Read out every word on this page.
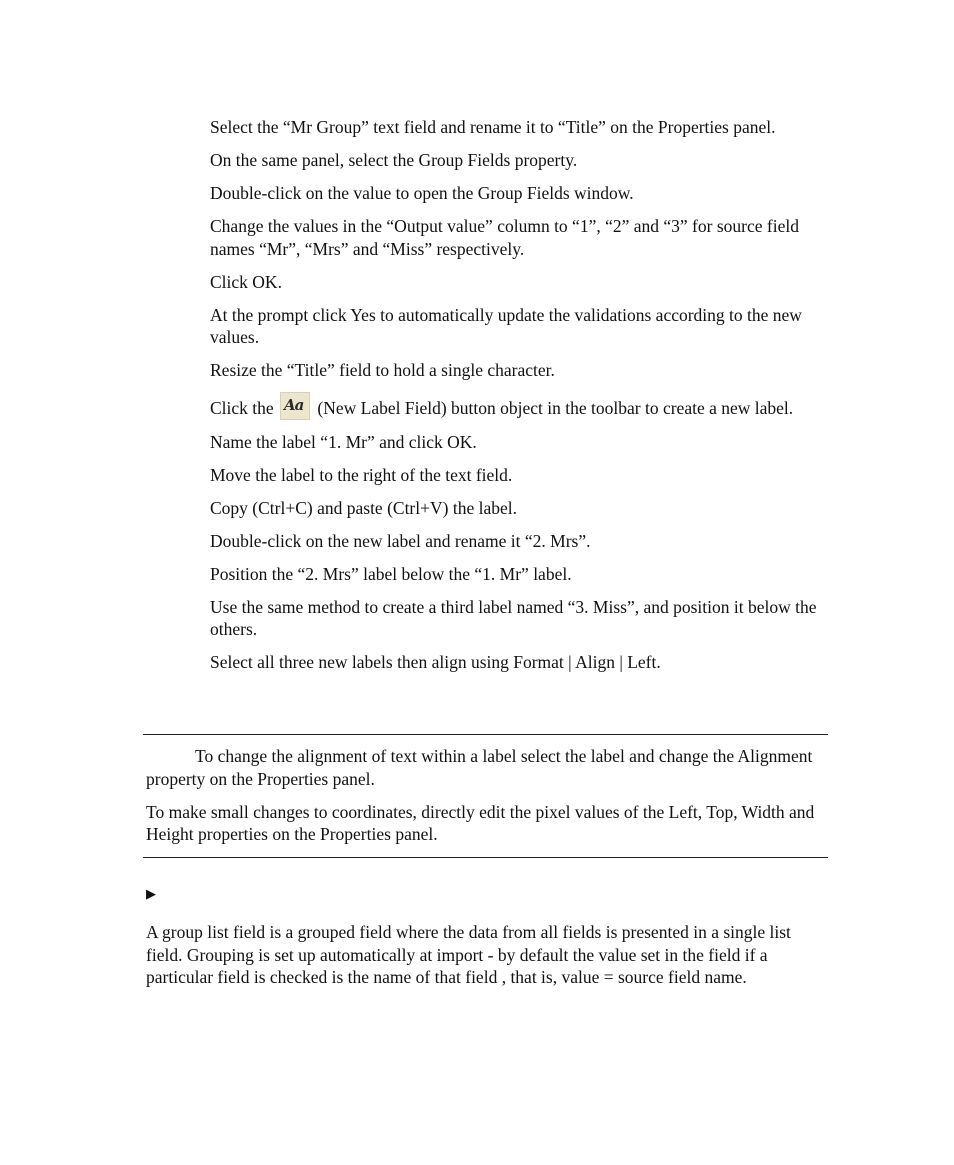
Select the “Mr Group” text field and rename it to “Title” on the Properties panel.

On the same panel, select the Group Fields property.

Double-click on the value to open the Group Fields window.

Change the values in the “Output value” column to “1”, “2” and “3” for source field names “Mr”, “Mrs” and “Miss” respectively.

Click OK.

At the prompt click Yes to automatically update the validations according to the new values.

Resize the “Title” field to hold a single character.

Click the Aa (New Label Field) button object in the toolbar to create a new label.

Name the label “1. Mr” and click OK.

Move the label to the right of the text field.

Copy (Ctrl+C) and paste (Ctrl+V) the label.

Double-click on the new label and rename it “2. Mrs”.

Position the “2. Mrs” label below the “1. Mr” label.

Use the same method to create a third label named “3. Miss”, and position it below the others.

Select all three new labels then align using Format | Align | Left.

To change the alignment of text within a label select the label and change the Alignment property on the Properties panel.

To make small changes to coordinates, directly edit the pixel values of the Left, Top, Width and Height properties on the Properties panel.

▶

A group list field is a grouped field where the data from all fields is presented in a single list field. Grouping is set up automatically at import - by default the value set in the field if a particular field is checked is the name of that field , that is, value = source field name.
